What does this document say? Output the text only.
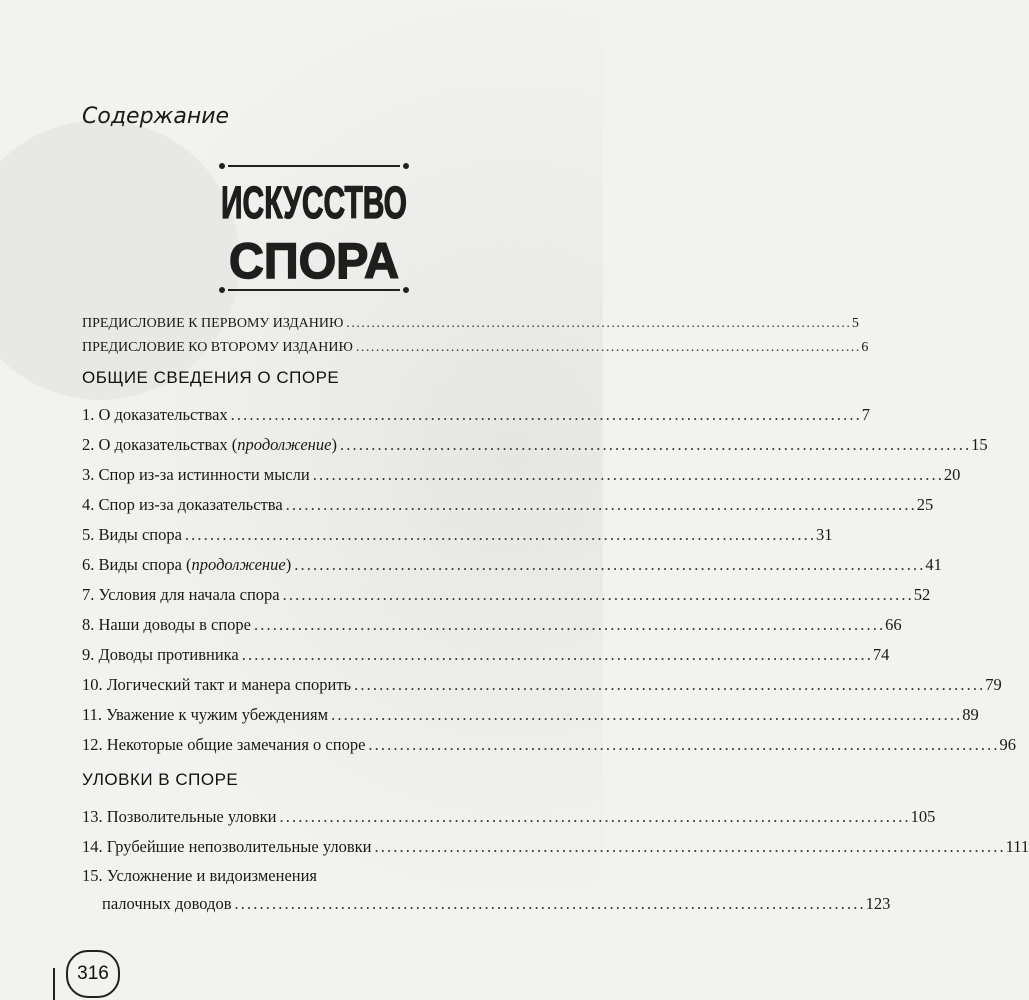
Содержание
ИСКУССТВО
СПОРА
ПРЕДИСЛОВИЕ К ПЕРВОМУ ИЗДАНИЮ . . .	5
ПРЕДИСЛОВИЕ КО ВТОРОМУ ИЗДАНИЮ . . .	6
ОБЩИЕ СВЕДЕНИЯ О СПОРЕ
1. О доказательствах . . .	7
2. О доказательствах (продолжение) . . .	15
3. Спор из-за истинности мысли . . .	20
4. Спор из-за доказательства . . .	25
5. Виды спора . . .	31
6. Виды спора (продолжение) . . .	41
7. Условия для начала спора . . .	52
8. Наши доводы в споре . . .	66
9. Доводы противника . . .	74
10. Логический такт и манера спорить . . .	79
11. Уважение к чужим убеждениям . . .	89
12. Некоторые общие замечания о споре . . .	96
УЛОВКИ В СПОРЕ
13. Позволительные уловки . . .	105
14. Грубейшие непозволительные уловки . . .	111
15. Усложнение и видоизменения
палочных доводов . . .	123
316
